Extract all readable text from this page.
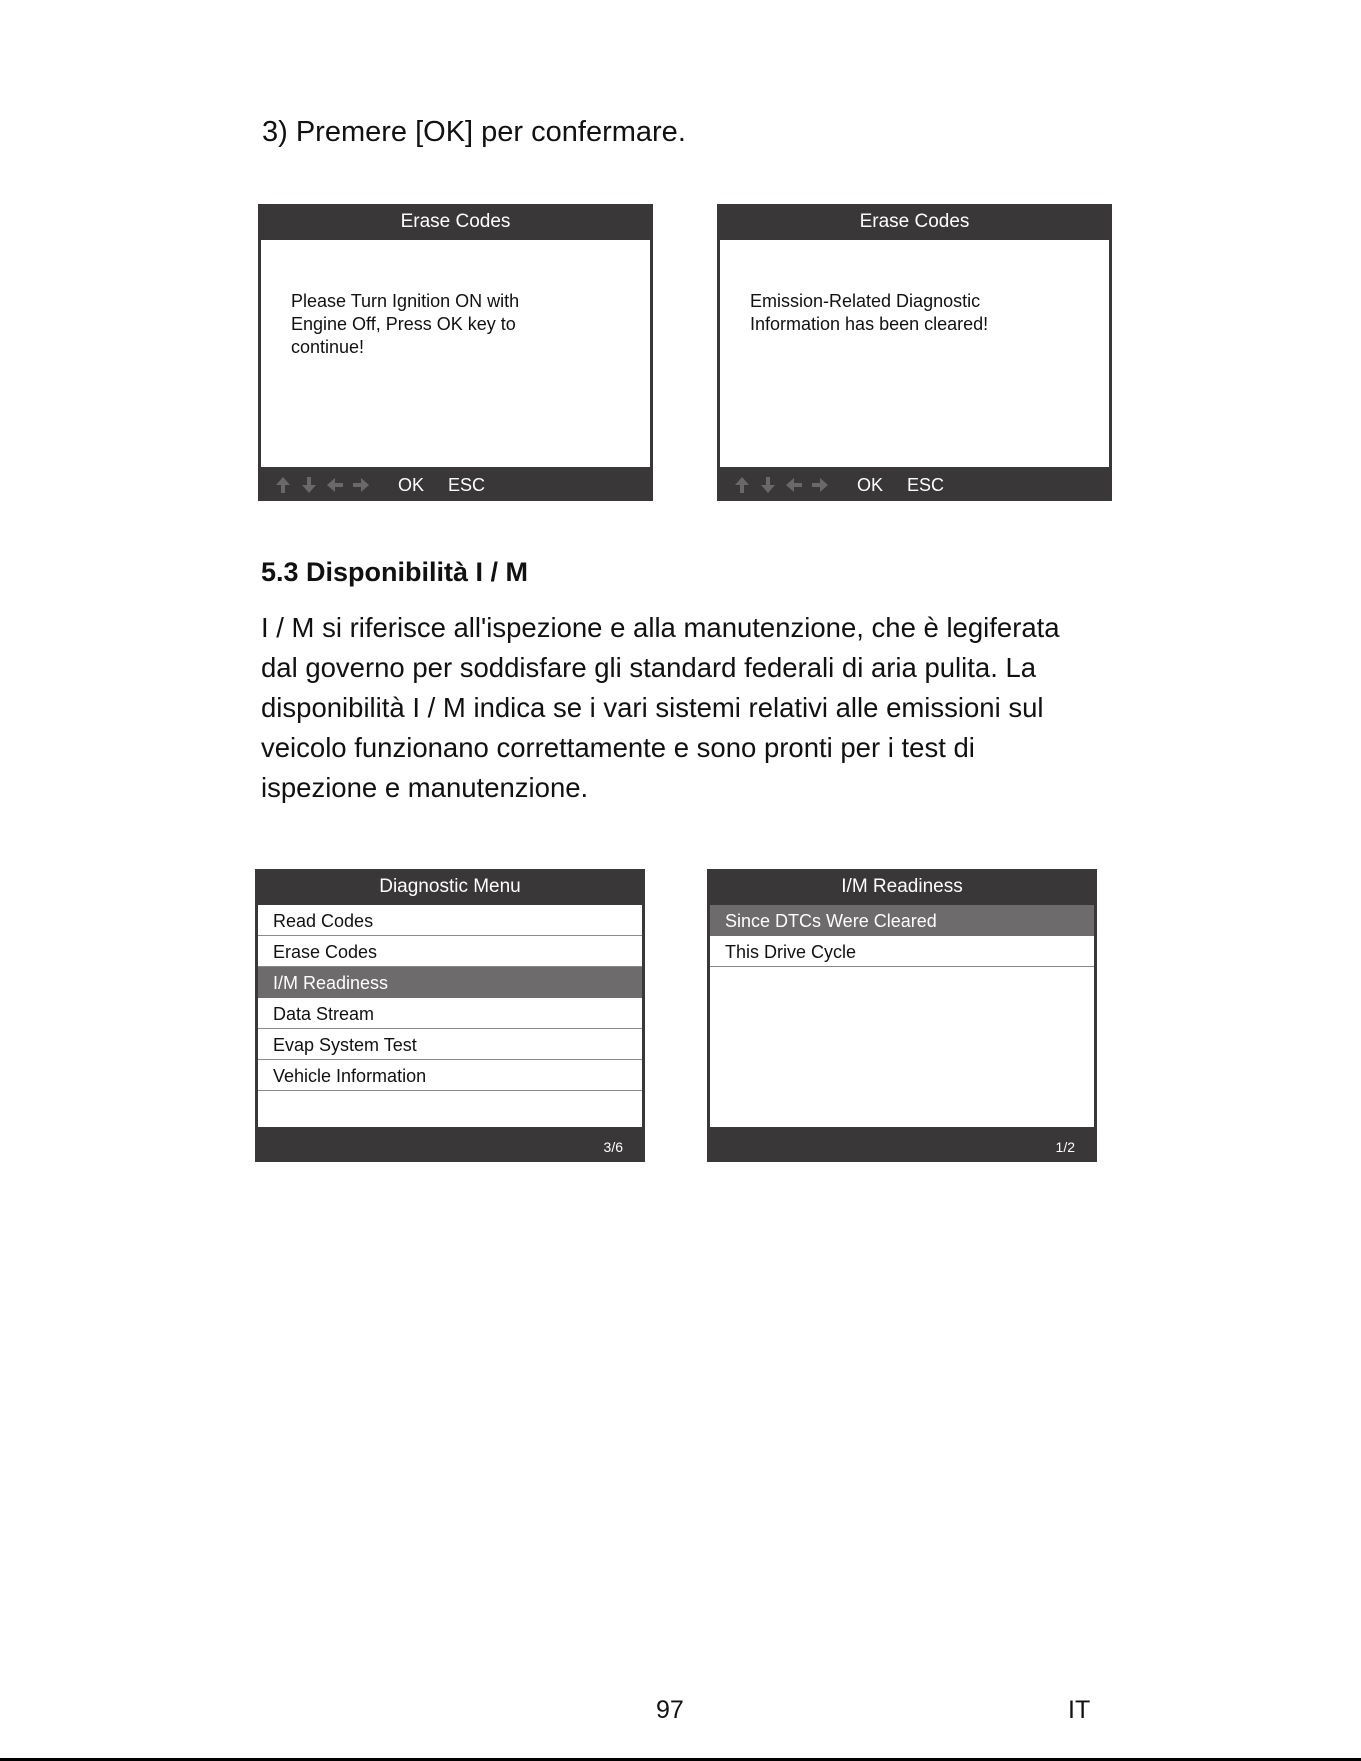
3) Premere [OK] per confermare.
Erase Codes
Please Turn Ignition ON with
Engine Off, Press OK key to
continue!
OK ESC
Erase Codes
Emission-Related Diagnostic
Information has been cleared!
OK ESC
5.3 Disponibilità I / M

I / M si riferisce all'ispezione e alla manutenzione, che è legiferata
dal governo per soddisfare gli standard federali di aria pulita. La
disponibilità I / M indica se i vari sistemi relativi alle emissioni sul
veicolo funzionano correttamente e sono pronti per i test di
ispezione e manutenzione.

Diagnostic Menu
Read Codes
Erase Codes
I/M Readiness
Data Stream
Evap System Test
Vehicle Information
3/6
I/M Readiness
Since DTCs Were Cleared
This Drive Cycle
1/2
97	IT
